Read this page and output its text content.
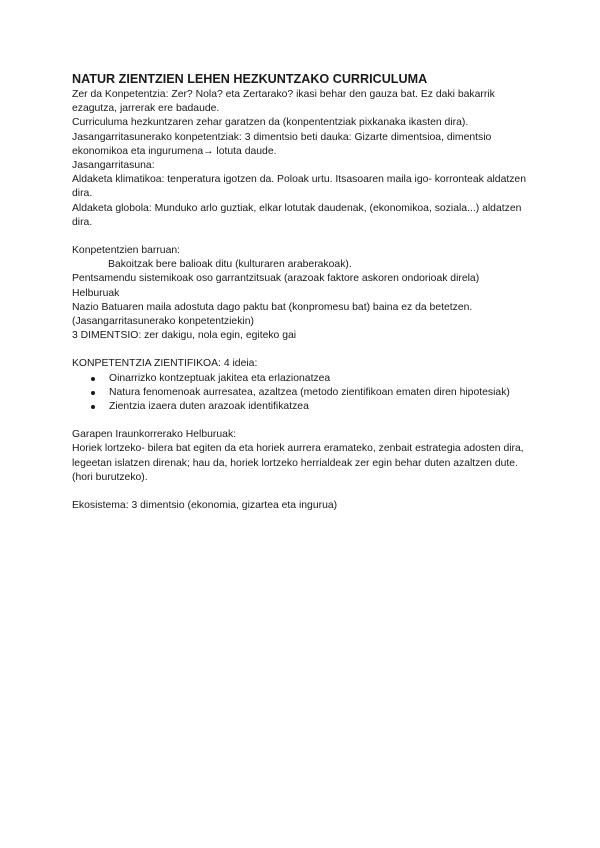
NATUR ZIENTZIEN LEHEN HEZKUNTZAKO CURRICULUMA

Zer da Konpetentzia: Zer? Nola? eta Zertarako? ikasi behar den gauza bat. Ez daki bakarrik ezagutza, jarrerak ere badaude.

Curriculuma hezkuntzaren zehar garatzen da (konpententziak pixkanaka ikasten dira).

Jasangarritasunerako konpetentziak: 3 dimentsio beti dauka: Gizarte dimentsioa, dimentsio ekonomikoa eta ingurumena→ lotuta daude.

Jasangarritasuna:

Aldaketa klimatikoa: tenperatura igotzen da. Poloak urtu. Itsasoaren maila igo- korronteak aldatzen dira.

Aldaketa globola: Munduko arlo guztiak, elkar lotutak daudenak, (ekonomikoa, soziala...) aldatzen dira.

Konpetentzien barruan:

Bakoitzak bere balioak ditu (kulturaren araberakoak).

Pentsamendu sistemikoak oso garrantzitsuak (arazoak faktore askoren ondorioak direla)

Helburuak

Nazio Batuaren maila adostuta dago paktu bat (konpromesu bat) baina ez da betetzen. (Jasangarritasunerako konpetentziekin)

3 DIMENTSIO: zer dakigu, nola egin, egiteko gai

KONPETENTZIA ZIENTIFIKOA: 4 ideia:

Oinarrizko kontzeptuak jakitea eta erlazionatzea
Natura fenomenoak aurresatea, azaltzea (metodo zientifikoan ematen diren hipotesiak)
Zientzia izaera duten arazoak identifikatzea

Garapen Iraunkorrerako Helburuak:

Horiek lortzeko- bilera bat egiten da eta horiek aurrera eramateko, zenbait estrategia adosten dira, legeetan islatzen direnak; hau da, horiek lortzeko herrialdeak zer egin behar duten azaltzen dute. (hori burutzeko).

Ekosistema: 3 dimentsio (ekonomia, gizartea eta ingurua)
